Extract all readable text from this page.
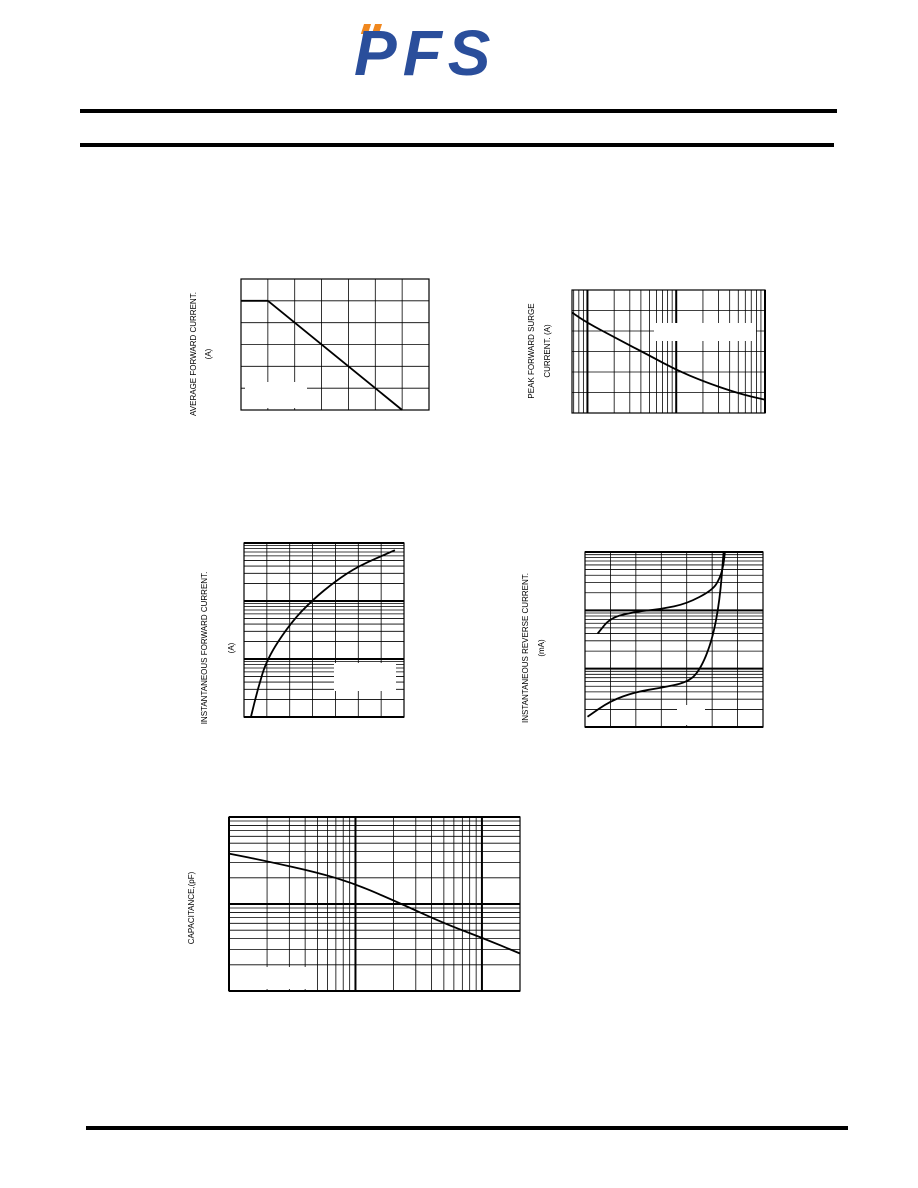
PFS
AVERAGE FORWARD CURRENT. (A)	PEAK FORWARD SURGE CURRENT. (A)
INSTANTANEOUS FORWARD CURRENT. (A)	INSTANTANEOUS REVERSE CURRENT. (mA)
CAPACITANCE,(pF)
